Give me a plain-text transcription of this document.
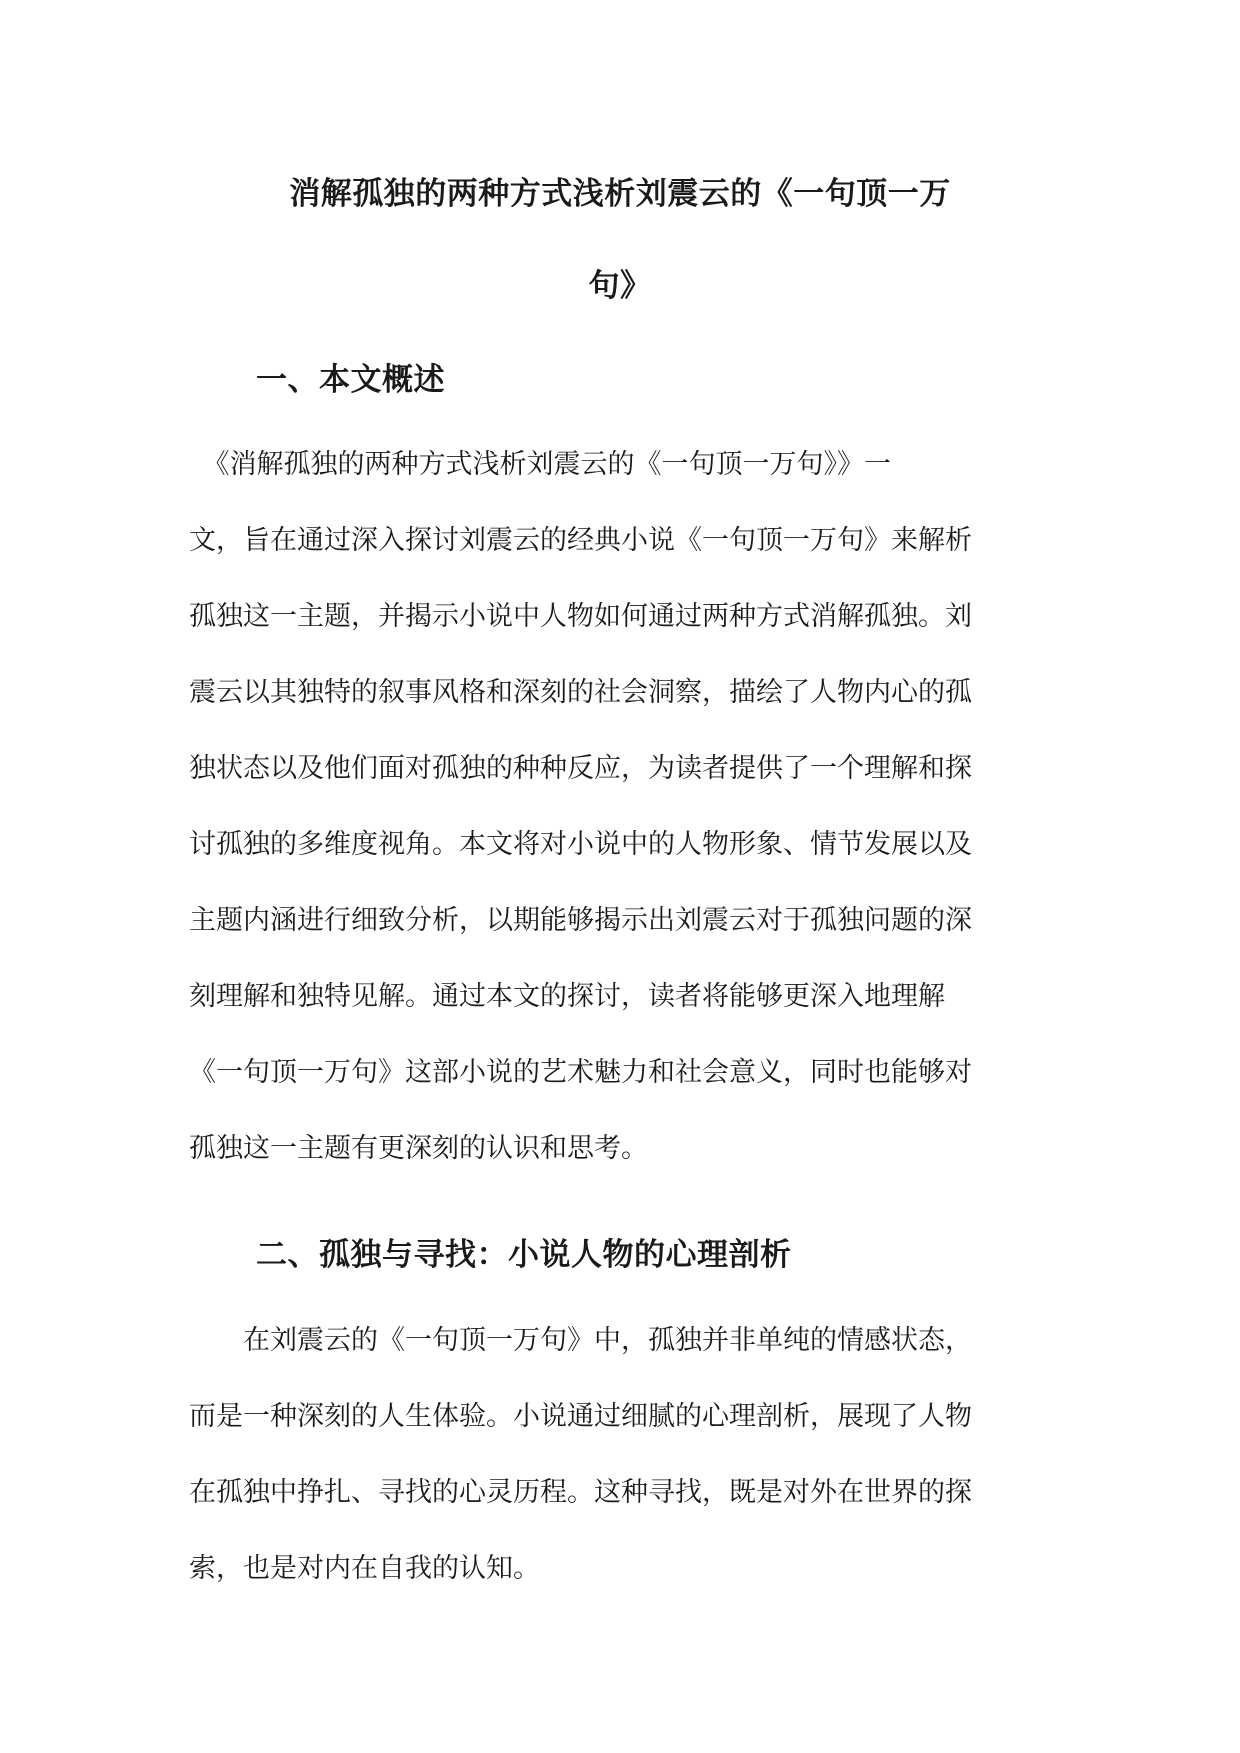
消解孤独的两种方式浅析刘震云的《一句顶一万
句》
一、本文概述
　《消解孤独的两种方式浅析刘震云的《一句顶一万句》》一
文，旨在通过深入探讨刘震云的经典小说《一句顶一万句》来解析
孤独这一主题，并揭示小说中人物如何通过两种方式消解孤独。刘
震云以其独特的叙事风格和深刻的社会洞察，描绘了人物内心的孤
独状态以及他们面对孤独的种种反应，为读者提供了一个理解和探
讨孤独的多维度视角。本文将对小说中的人物形象、情节发展以及
主题内涵进行细致分析，以期能够揭示出刘震云对于孤独问题的深
刻理解和独特见解。通过本文的探讨，读者将能够更深入地理解
《一句顶一万句》这部小说的艺术魅力和社会意义，同时也能够对
孤独这一主题有更深刻的认识和思考。
二、孤独与寻找：小说人物的心理剖析
　　在刘震云的《一句顶一万句》中，孤独并非单纯的情感状态，
而是一种深刻的人生体验。小说通过细腻的心理剖析，展现了人物
在孤独中挣扎、寻找的心灵历程。这种寻找，既是对外在世界的探
索，也是对内在自我的认知。
